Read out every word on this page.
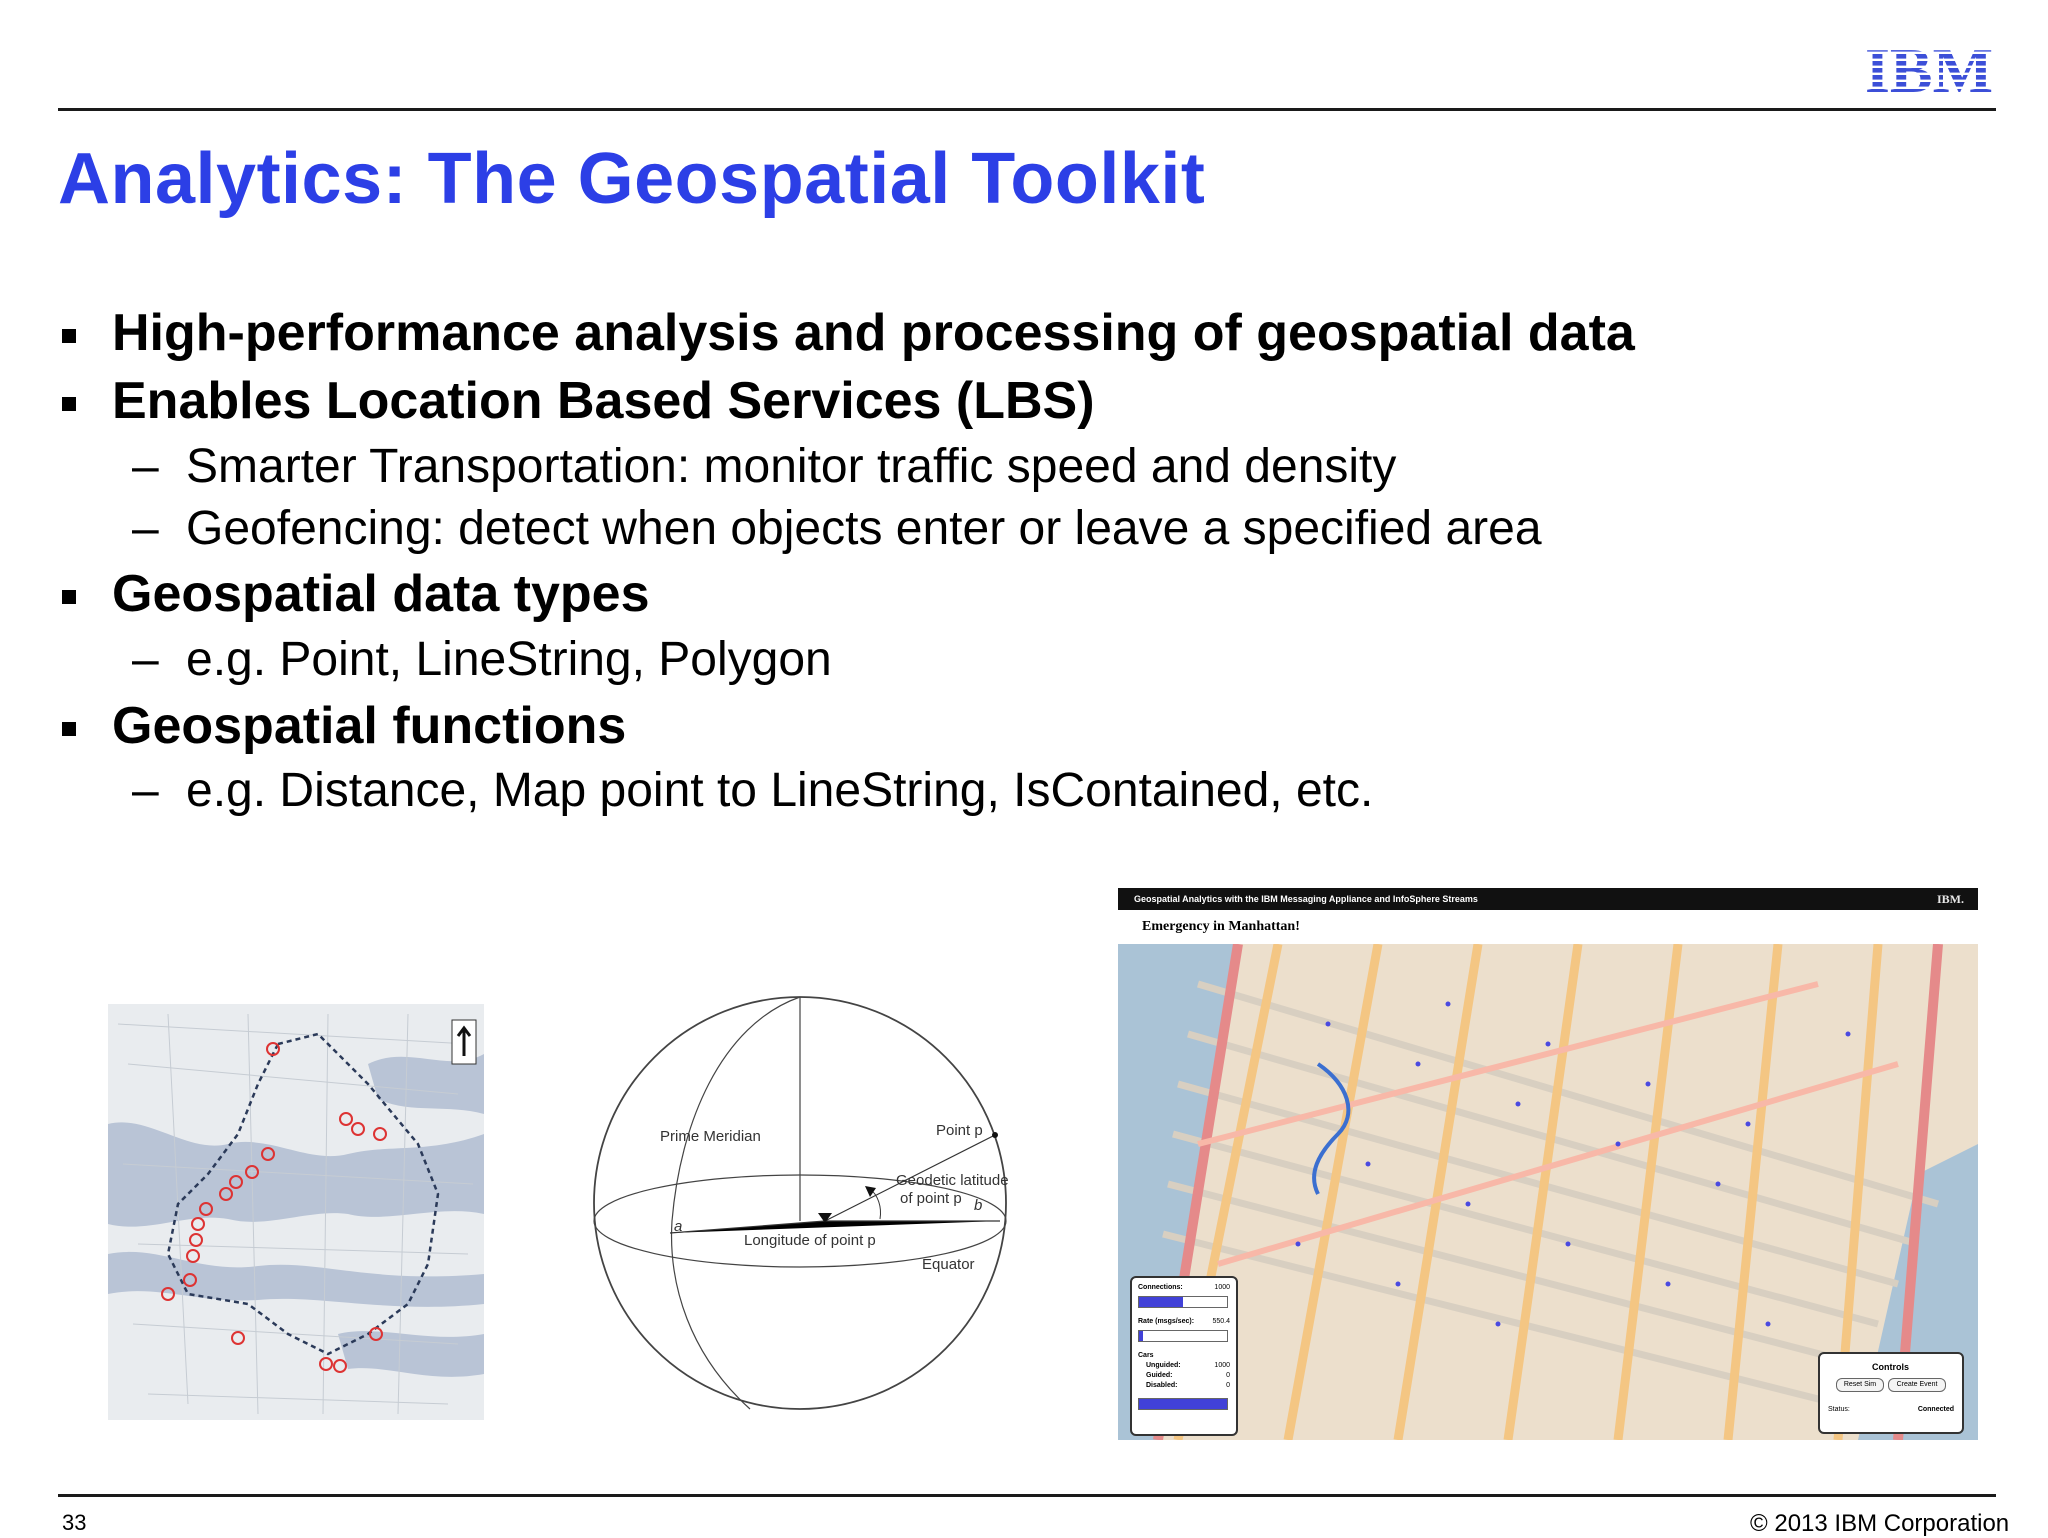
IBM
Analytics: The Geospatial Toolkit
High-performance analysis and processing of geospatial data
Enables Location Based Services (LBS)
– Smarter Transportation: monitor traffic speed and density
– Geofencing: detect when objects enter or leave a specified area
Geospatial data types
– e.g. Point, LineString, Polygon
Geospatial functions
– e.g. Distance, Map point to LineString, IsContained, etc.
Prime Meridian	Point p
Geodetic latitude
of point p b
a
Longitude of point p
Equator
Geospatial Analytics with the IBM Messaging Appliance and InfoSphere Streams	IBM.
Emergency in Manhattan!
Connections:	1000
Rate (msgs/sec):	550.4
Cars
Unguided:	1000
Guided:	0
Disabled:	0
Controls
Reset Sim	Create Event
Status:	Connected
33	© 2013 IBM Corporation
